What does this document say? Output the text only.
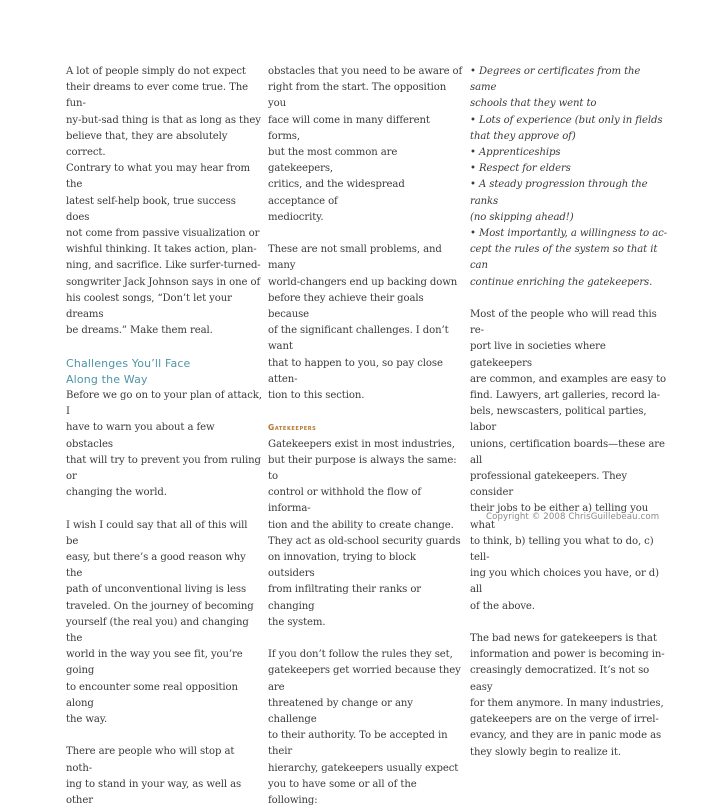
A lot of people simply do not expect
their dreams to ever come true. The fun-
ny-but-sad thing is that as long as they
believe that, they are absolutely correct.
Contrary to what you may hear from the
latest self-help book, true success does
not come from passive visualization or
wishful thinking. It takes action, plan-
ning, and sacrifice. Like surfer-turned-
songwriter Jack Johnson says in one of
his coolest songs, “Don’t let your dreams
be dreams.” Make them real.

Challenges You’ll Face
Along the Way

Before we go on to your plan of attack, I
have to warn you about a few obstacles
that will try to prevent you from ruling or
changing the world.

I wish I could say that all of this will be
easy, but there’s a good reason why the
path of unconventional living is less
traveled. On the journey of becoming
yourself (the real you) and changing the
world in the way you see fit, you’re going
to encounter some real opposition along
the way.

There are people who will stop at noth-
ing to stand in your way, as well as other

obstacles that you need to be aware of
right from the start. The opposition you
face will come in many different forms,
but the most common are gatekeepers,
critics, and the widespread acceptance of
mediocrity.

These are not small problems, and many
world-changers end up backing down
before they achieve their goals because
of the significant challenges. I don’t want
that to happen to you, so pay close atten-
tion to this section.

Gatekeepers

Gatekeepers exist in most industries,
but their purpose is always the same: to
control or withhold the flow of informa-
tion and the ability to create change.
They act as old-school security guards
on innovation, trying to block outsiders
from infiltrating their ranks or changing
the system.

If you don’t follow the rules they set,
gatekeepers get worried because they are
threatened by change or any challenge
to their authority. To be accepted in their
hierarchy, gatekeepers usually expect
you to have some or all of the following:

• Degrees or certificates from the same
schools that they went to
• Lots of experience (but only in fields
that they approve of)
• Apprenticeships
• Respect for elders
• A steady progression through the ranks
(no skipping ahead!)
• Most importantly, a willingness to ac-
cept the rules of the system so that it can
continue enriching the gatekeepers.

Most of the people who will read this re-
port live in societies where gatekeepers
are common, and examples are easy to
find. Lawyers, art galleries, record la-
bels, newscasters, political parties, labor
unions, certification boards—these are all
professional gatekeepers. They consider
their jobs to be either a) telling you what
to think, b) telling you what to do, c) tell-
ing you which choices you have, or d) all
of the above.

The bad news for gatekeepers is that
information and power is becoming in-
creasingly democratized. It’s not so easy
for them anymore. In many industries,
gatekeepers are on the verge of irrel-
evancy, and they are in panic mode as
they slowly begin to realize it.

Copyright © 2008 ChrisGuillebeau.com
